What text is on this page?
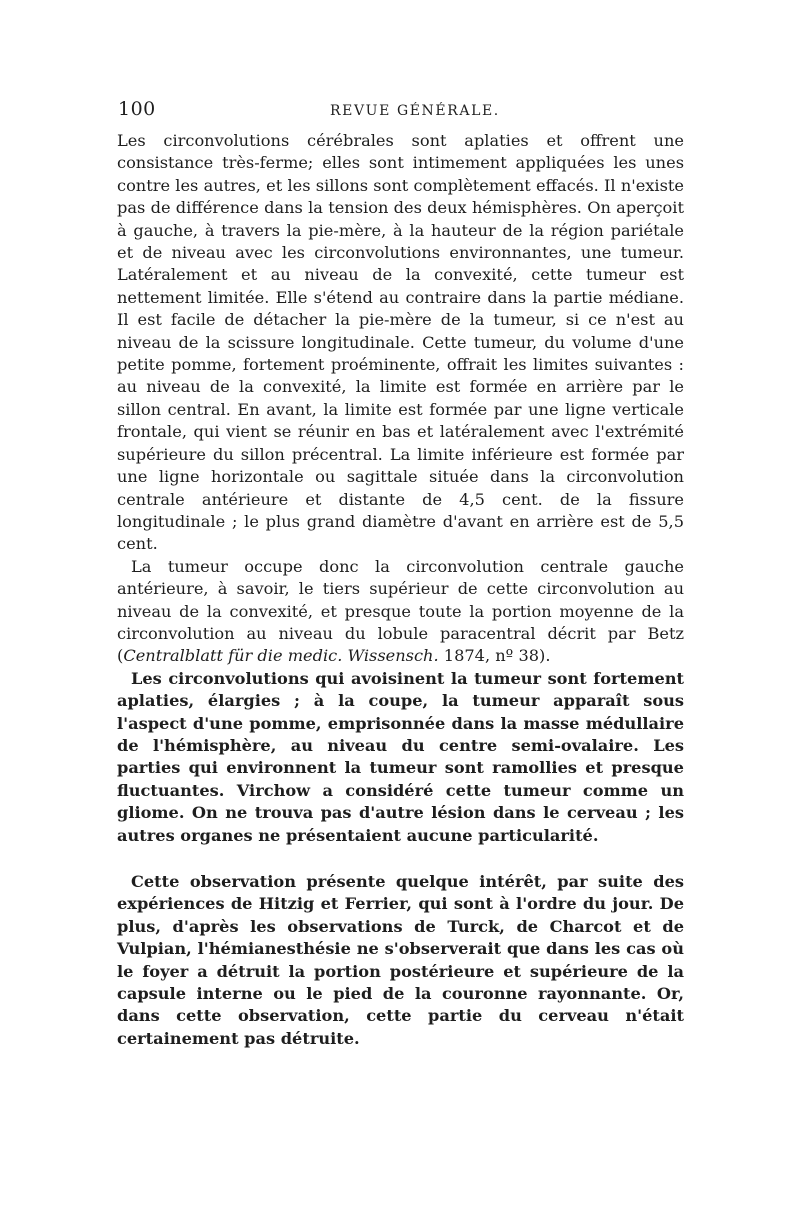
100	REVUE GÉNÉRALE.

Les circonvolutions cérébrales sont aplaties et offrent une consistance très-ferme; elles sont intimement appliquées les unes contre les autres, et les sillons sont complètement effacés. Il n'existe pas de différence dans la tension des deux hémisphères. On aperçoit à gauche, à travers la pie-mère, à la hauteur de la région pariétale et de niveau avec les circonvolutions environnantes, une tumeur. Latéralement et au niveau de la convexité, cette tumeur est nettement limitée. Elle s'étend au contraire dans la partie médiane. Il est facile de détacher la pie-mère de la tumeur, si ce n'est au niveau de la scissure longitudinale. Cette tumeur, du volume d'une petite pomme, fortement proéminente, offrait les limites suivantes : au niveau de la convexité, la limite est formée en arrière par le sillon central. En avant, la limite est formée par une ligne verticale frontale, qui vient se réunir en bas et latéralement avec l'extrémité supérieure du sillon précentral. La limite inférieure est formée par une ligne horizontale ou sagittale située dans la circonvolution centrale antérieure et distante de 4,5 cent. de la fissure longitudinale ; le plus grand diamètre d'avant en arrière est de 5,5 cent.

La tumeur occupe donc la circonvolution centrale gauche antérieure, à savoir, le tiers supérieur de cette circonvolution au niveau de la convexité, et presque toute la portion moyenne de la circonvolution au niveau du lobule paracentral décrit par Betz (Centralblatt für die medic. Wissensch. 1874, nº 38).

Les circonvolutions qui avoisinent la tumeur sont fortement aplaties, élargies ; à la coupe, la tumeur apparaît sous l'aspect d'une pomme, emprisonnée dans la masse médullaire de l'hémisphère, au niveau du centre semi-ovalaire. Les parties qui environnent la tumeur sont ramollies et presque fluctuantes. Virchow a considéré cette tumeur comme un gliome. On ne trouva pas d'autre lésion dans le cerveau ; les autres organes ne présentaient aucune particularité.

Cette observation présente quelque intérêt, par suite des expériences de Hitzig et Ferrier, qui sont à l'ordre du jour. De plus, d'après les observations de Turck, de Charcot et de Vulpian, l'hémianesthésie ne s'observerait que dans les cas où le foyer a détruit la portion postérieure et supérieure de la capsule interne ou le pied de la couronne rayonnante. Or, dans cette observation, cette partie du cerveau n'était certainement pas détruite.
